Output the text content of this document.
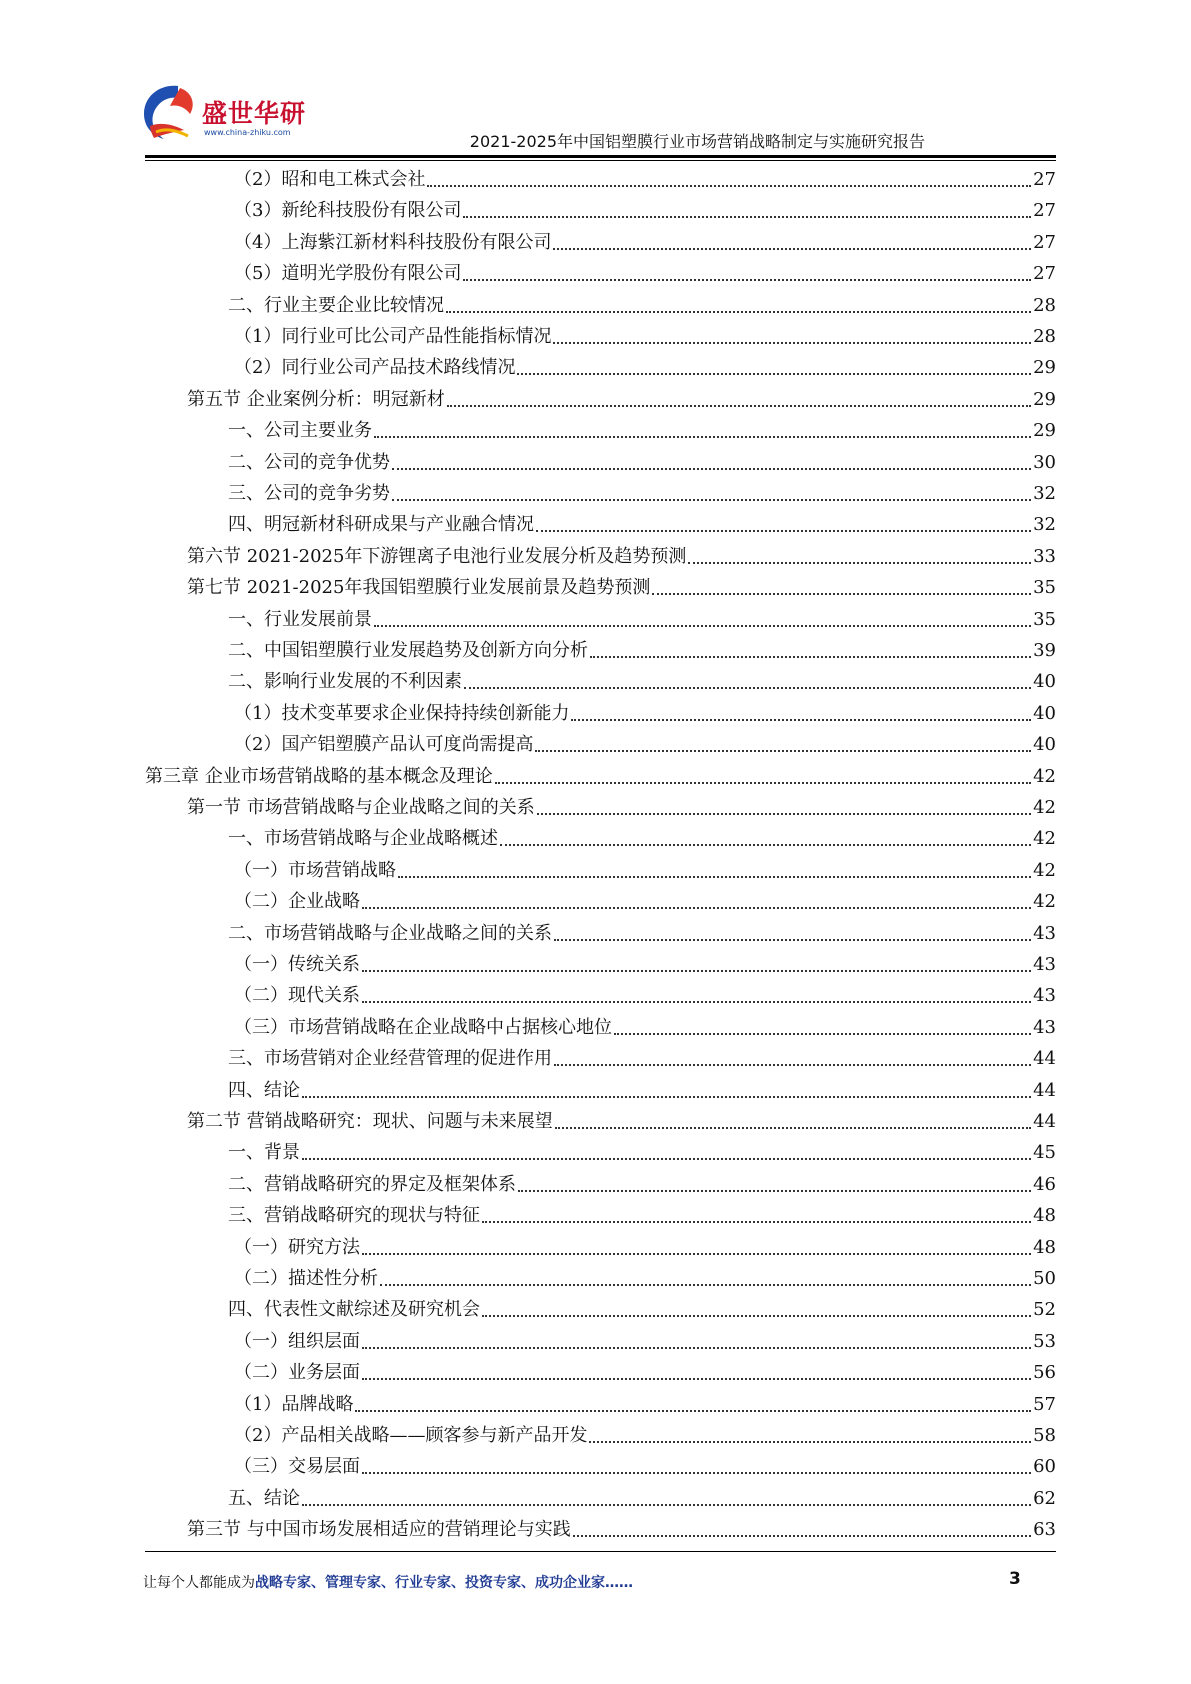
盛世华研
www.china-zhiku.com	2021-2025年中国铝塑膜行业市场营销战略制定与实施研究报告
（2）昭和电工株式会社	27
（3）新纶科技股份有限公司	27
（4）上海紫江新材料科技股份有限公司	27
（5）道明光学股份有限公司	27
二、行业主要企业比较情况	28
（1）同行业可比公司产品性能指标情况	28
（2）同行业公司产品技术路线情况	29
第五节 企业案例分析：明冠新材	29
一、公司主要业务	29
二、公司的竞争优势	30
三、公司的竞争劣势	32
四、明冠新材科研成果与产业融合情况	32
第六节 2021-2025年下游锂离子电池行业发展分析及趋势预测	33
第七节 2021-2025年我国铝塑膜行业发展前景及趋势预测	35
一、行业发展前景	35
二、中国铝塑膜行业发展趋势及创新方向分析	39
二、影响行业发展的不利因素	40
（1）技术变革要求企业保持持续创新能力	40
（2）国产铝塑膜产品认可度尚需提高	40
第三章 企业市场营销战略的基本概念及理论	42
第一节 市场营销战略与企业战略之间的关系	42
一、市场营销战略与企业战略概述	42
（一）市场营销战略	42
（二）企业战略	42
二、市场营销战略与企业战略之间的关系	43
（一）传统关系	43
（二）现代关系	43
（三）市场营销战略在企业战略中占据核心地位	43
三、市场营销对企业经营管理的促进作用	44
四、结论	44
第二节 营销战略研究：现状、问题与未来展望	44
一、背景	45
二、营销战略研究的界定及框架体系	46
三、营销战略研究的现状与特征	48
（一）研究方法	48
（二）描述性分析	50
四、代表性文献综述及研究机会	52
（一）组织层面	53
（二）业务层面	56
（1）品牌战略	57
（2）产品相关战略——顾客参与新产品开发	58
（三）交易层面	60
五、结论	62
第三节 与中国市场发展相适应的营销理论与实践	63
让每个人都能成为战略专家、管理专家、行业专家、投资专家、成功企业家……	3
